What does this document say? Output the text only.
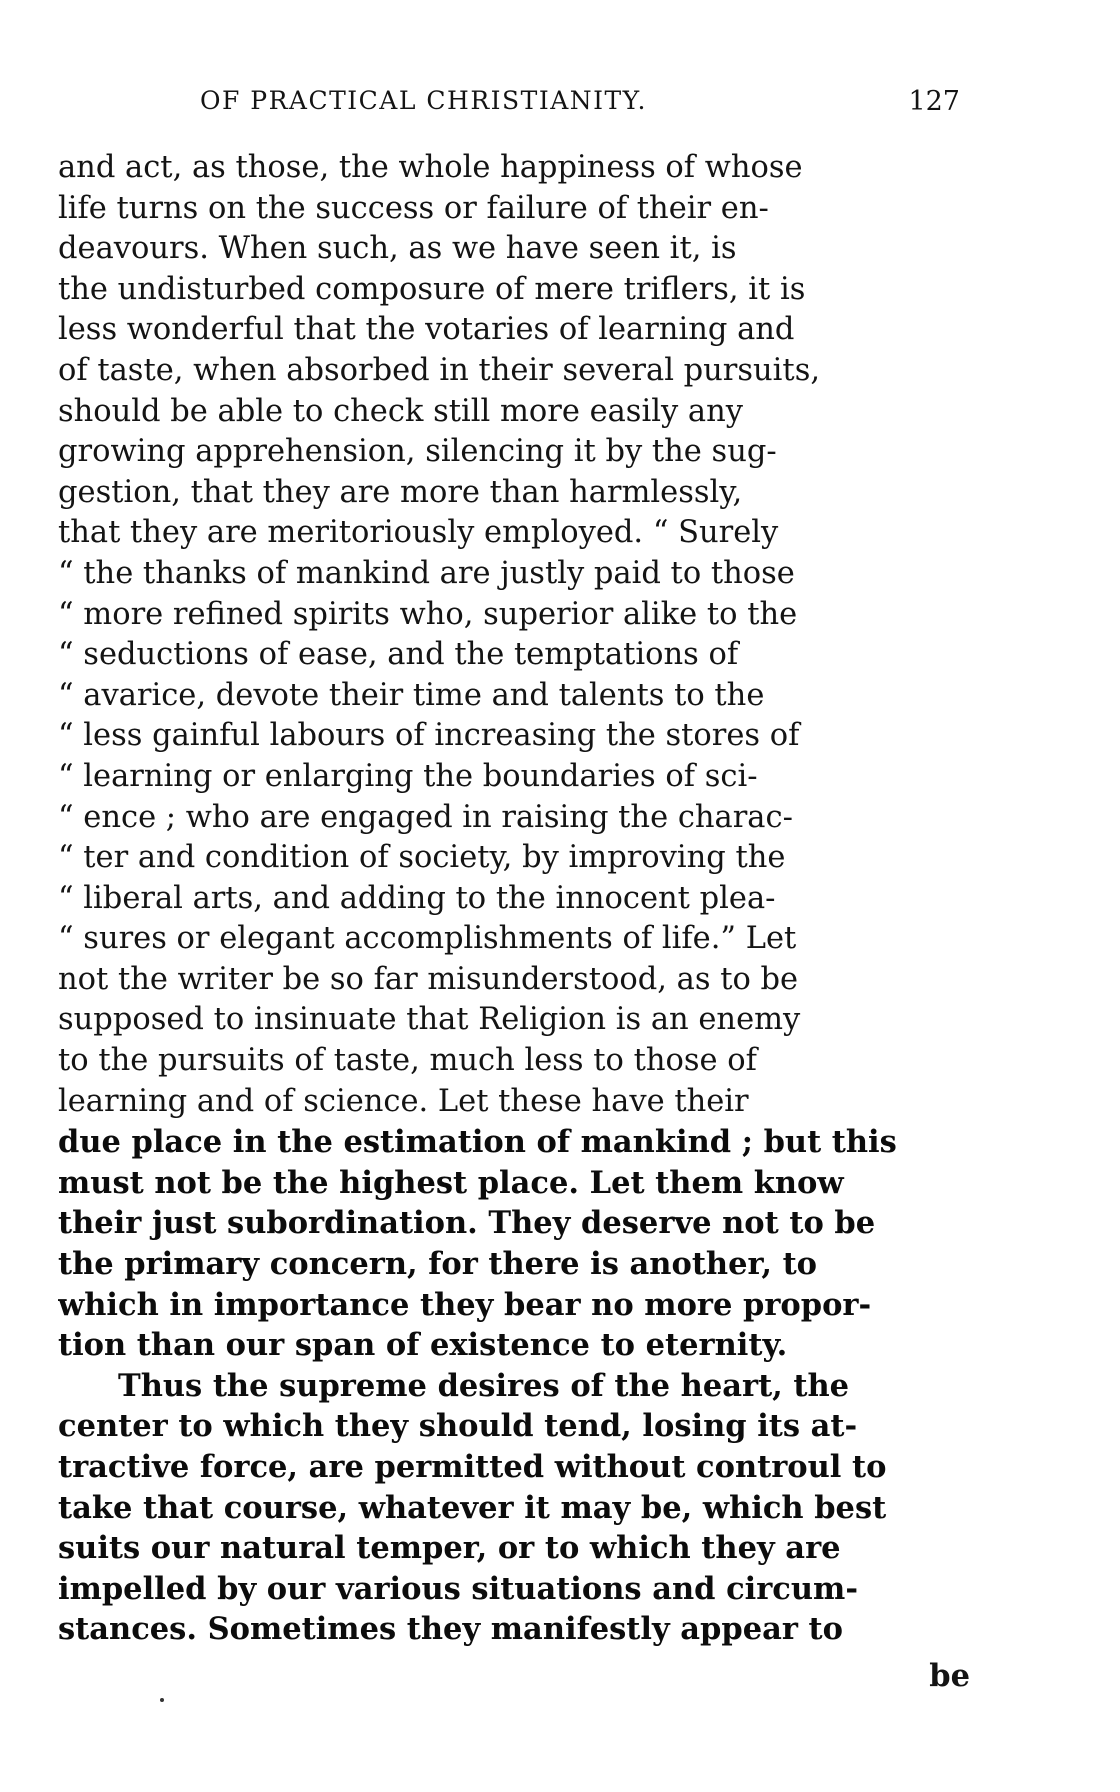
OF PRACTICAL CHRISTIANITY.	127
and act, as those, the whole happiness of whose
life turns on the success or failure of their en-
deavours. When such, as we have seen it, is
the undisturbed composure of mere triflers, it is
less wonderful that the votaries of learning and
of taste, when absorbed in their several pursuits,
should be able to check still more easily any
growing apprehension, silencing it by the sug-
gestion, that they are more than harmlessly,
that they are meritoriously employed. “ Surely
“ the thanks of mankind are justly paid to those
“ more refined spirits who, superior alike to the
“ seductions of ease, and the temptations of
“ avarice, devote their time and talents to the
“ less gainful labours of increasing the stores of
“ learning or enlarging the boundaries of sci-
“ ence ; who are engaged in raising the charac-
“ ter and condition of society, by improving the
“ liberal arts, and adding to the innocent plea-
“ sures or elegant accomplishments of life.” Let
not the writer be so far misunderstood, as to be
supposed to insinuate that Religion is an enemy
to the pursuits of taste, much less to those of
learning and of science. Let these have their
due place in the estimation of mankind ; but this
must not be the highest place. Let them know
their just subordination. They deserve not to be
the primary concern, for there is another, to
which in importance they bear no more propor-
tion than our span of existence to eternity.
Thus the supreme desires of the heart, the
center to which they should tend, losing its at-
tractive force, are permitted without controul to
take that course, whatever it may be, which best
suits our natural temper, or to which they are
impelled by our various situations and circum-
stances. Sometimes they manifestly appear to
be
